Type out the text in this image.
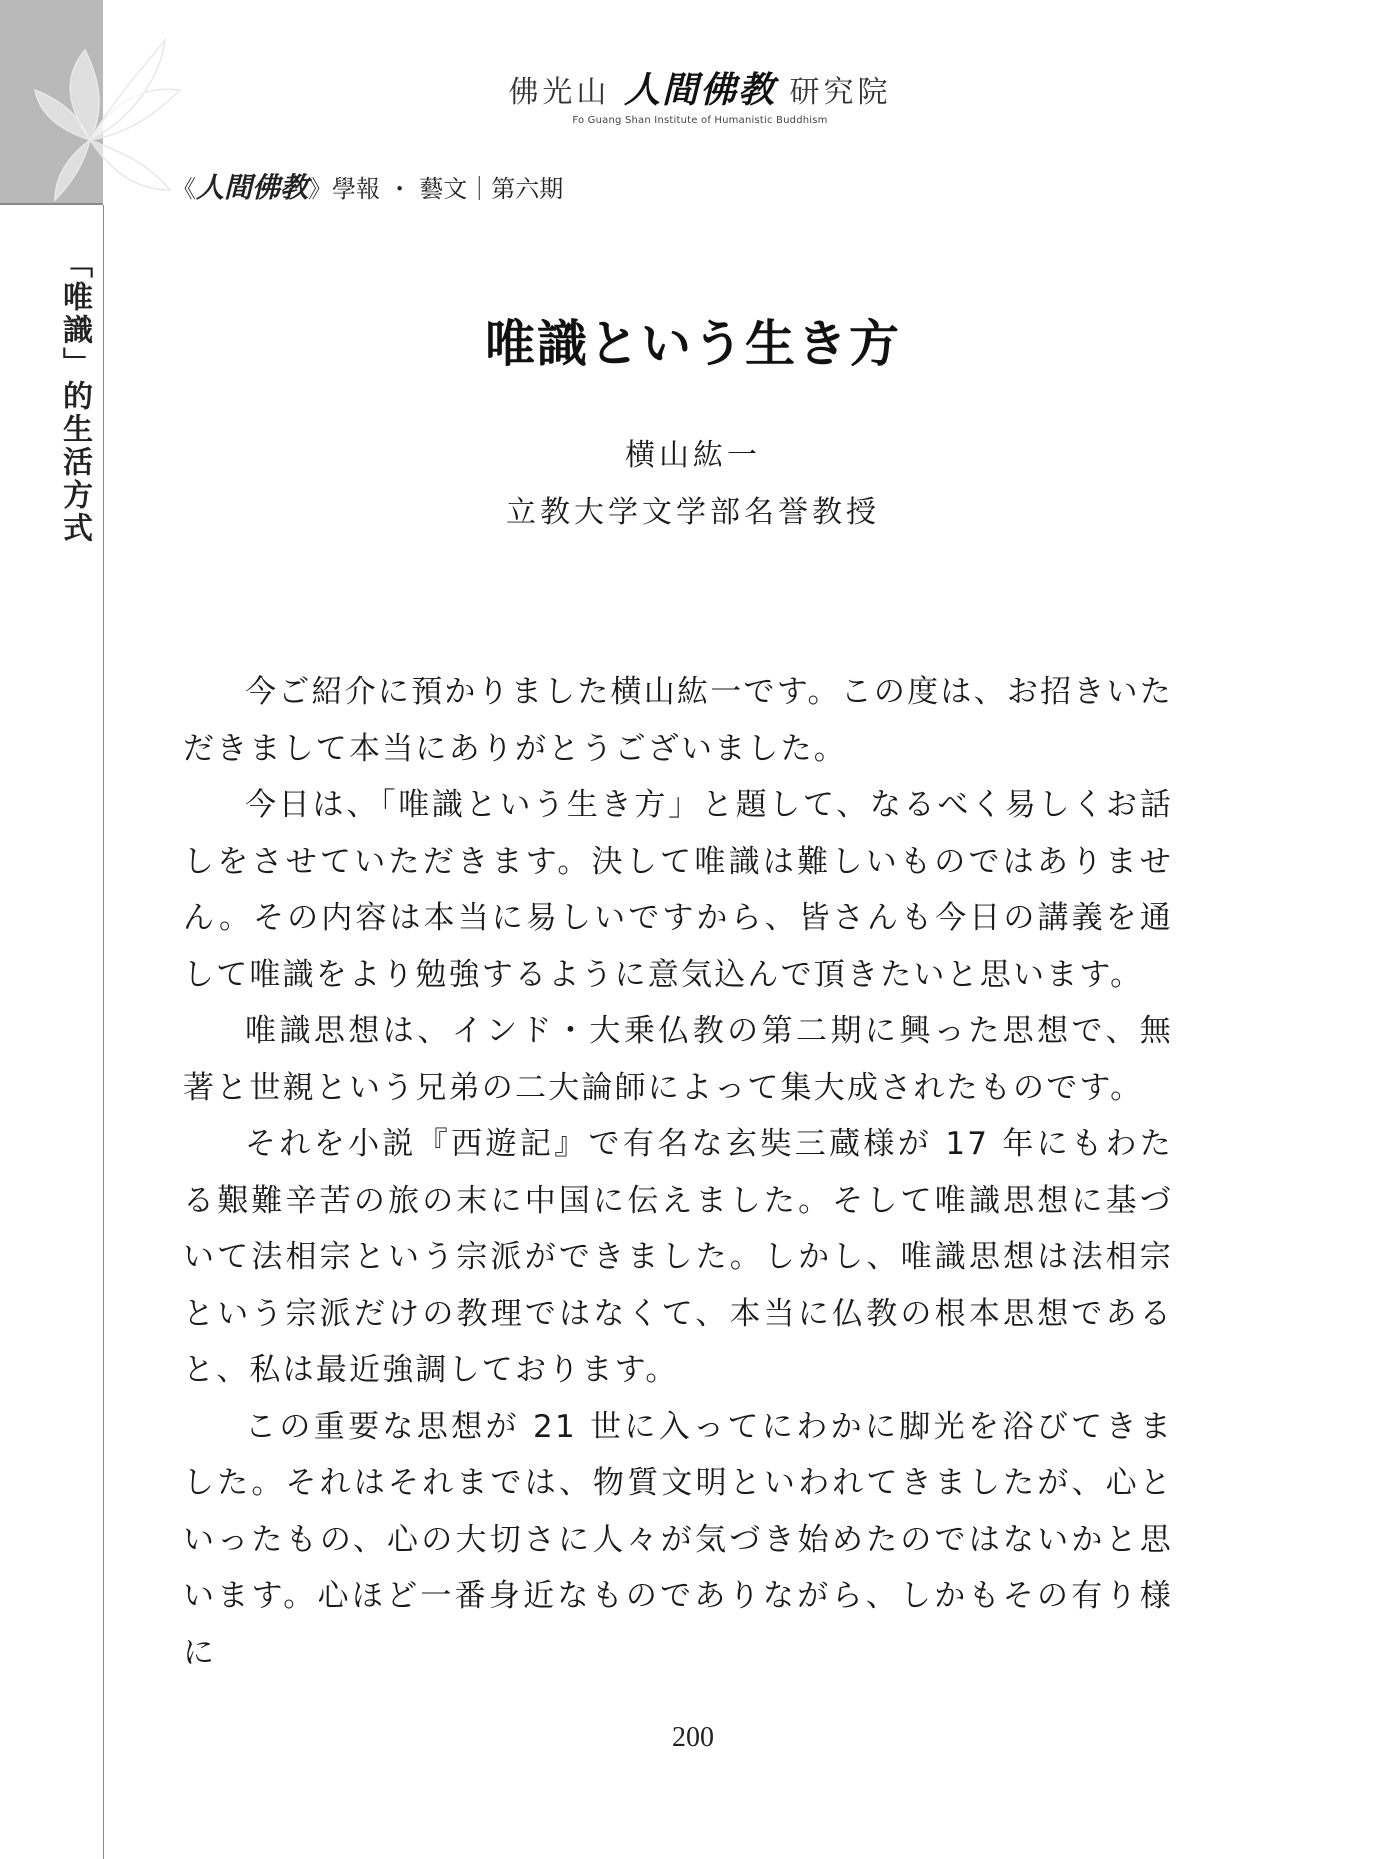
「唯識」的生活方式
佛光山 人間佛教 研究院
Fo Guang Shan Institute of Humanistic Buddhism
《人間佛教》學報 ・ 藝文｜第六期
唯識という生き方
横山紘一
立教大学文学部名誉教授

今ご紹介に預かりました横山紘一です。この度は、お招きいただきまして本当にありがとうございました。

今日は、「唯識という生き方」と題して、なるべく易しくお話しをさせていただきます。決して唯識は難しいものではありません。その内容は本当に易しいですから、皆さんも今日の講義を通して唯識をより勉強するように意気込んで頂きたいと思います。

唯識思想は、インド・大乗仏教の第二期に興った思想で、無著と世親という兄弟の二大論師によって集大成されたものです。

それを小説『西遊記』で有名な玄奘三蔵様が 17 年にもわたる艱難辛苦の旅の末に中国に伝えました。そして唯識思想に基づいて法相宗という宗派ができました。しかし、唯識思想は法相宗という宗派だけの教理ではなくて、本当に仏教の根本思想であると、私は最近強調しております。

この重要な思想が 21 世に入ってにわかに脚光を浴びてきました。それはそれまでは、物質文明といわれてきましたが、心といったもの、心の大切さに人々が気づき始めたのではないかと思います。心ほど一番身近なものでありながら、しかもその有り様に

200
